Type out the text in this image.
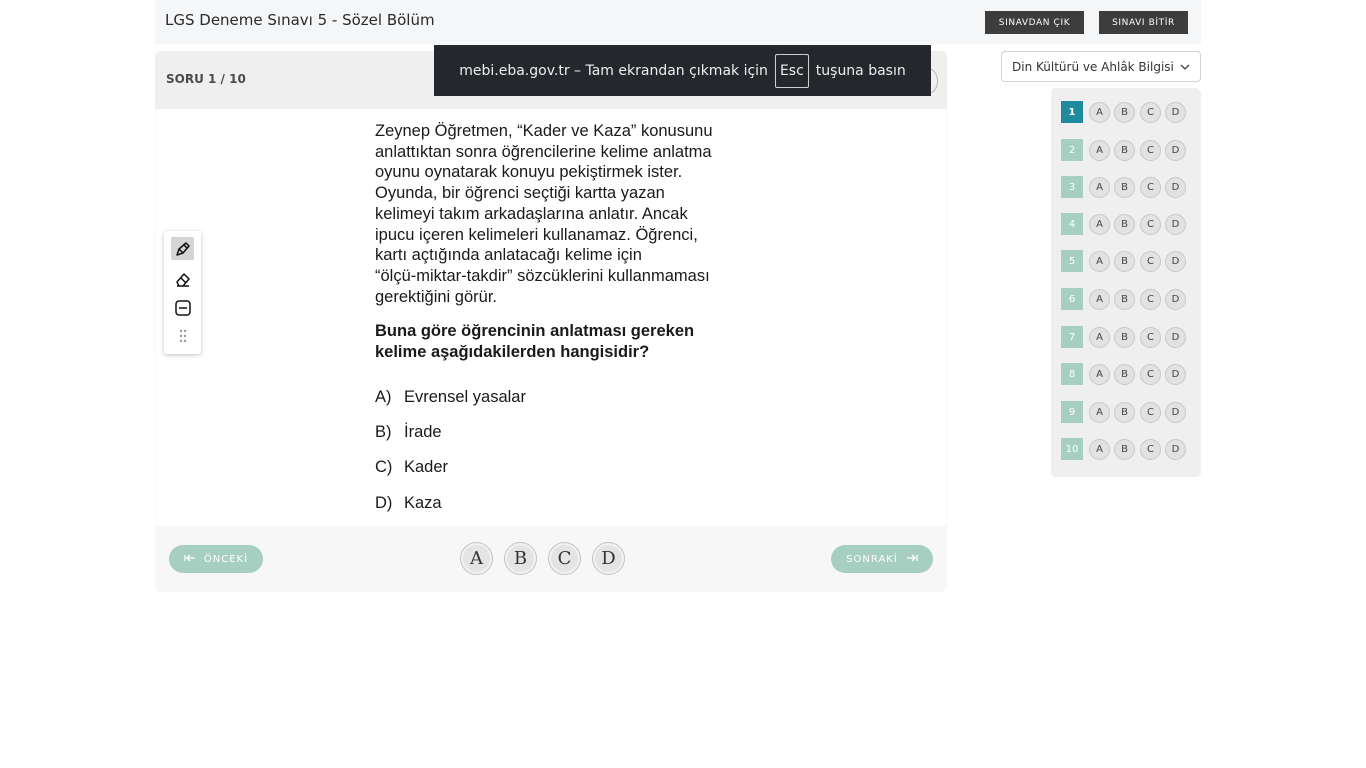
LGS Deneme Sınavı 5 - Sözel Bölüm	SINAVDAN ÇIK	SINAVI BİTİR
SORU 1 / 10
Zeynep Öğretmen, “Kader ve Kaza” konusunu
anlattıktan sonra öğrencilerine kelime anlatma
oyunu oynatarak konuyu pekiştirmek ister.
Oyunda, bir öğrenci seçtiği kartta yazan
kelimeyi takım arkadaşlarına anlatır. Ancak
ipucu içeren kelimeleri kullanamaz. Öğrenci,
kartı açtığında anlatacağı kelime için
“ölçü-miktar-takdir” sözcüklerini kullanmaması
gerektiğini görür.
Buna göre öğrencinin anlatması gereken
kelime aşağıdakilerden hangisidir?
A) Evrensel yasalar
B) İrade
C) Kader
D) Kaza
ÖNCEKİ	A	B	C	D	SONRAKİ
mebi.eba.gov.tr – Tam ekrandan çıkmak için Esc tuşuna basın	Din Kültürü ve Ahlâk Bilgisi
1	A	B	C	D
2	A	B	C	D
3	A	B	C	D
4	A	B	C	D
5	A	B	C	D
6	A	B	C	D
7	A	B	C	D
8	A	B	C	D
9	A	B	C	D
10	A	B	C	D
